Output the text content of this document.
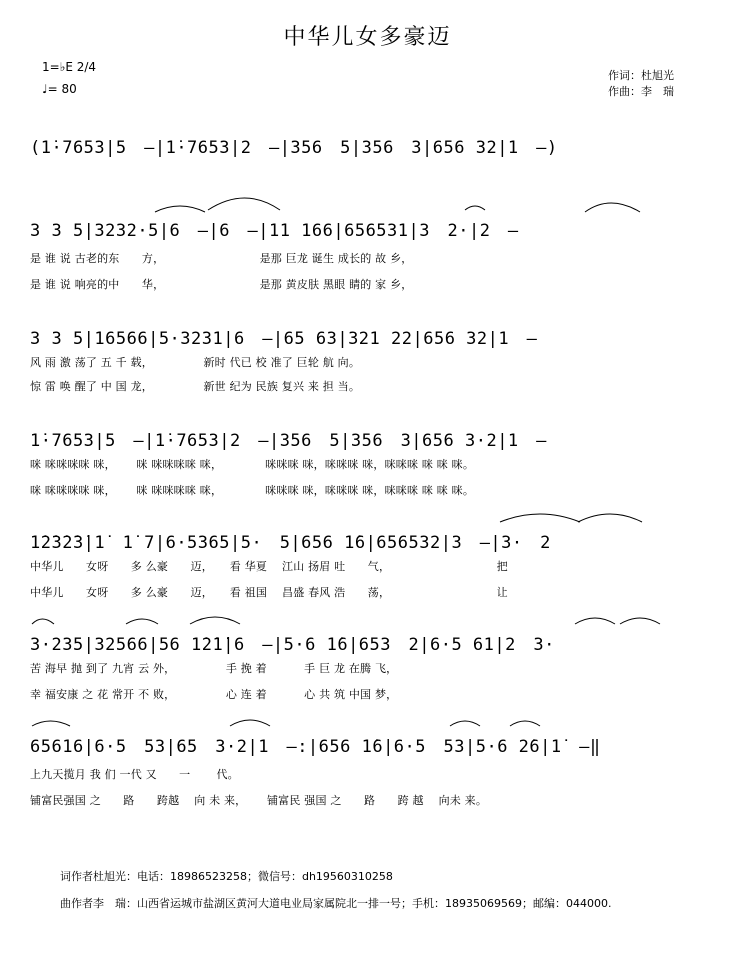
中华儿女多豪迈
1=♭E 2/4
♩= 80
作词：杜旭光
作曲：李　瑞
(1̇·7653|5　–|1̇·7653|2　–|356　5|356　3|656 32|1　–)
3 3 5|3232·5|6　–|6　–|11 166|656531|3　2·|2　–
是 谁 说 古老的东　　方，　　　　　　　　　是那 巨龙 诞生 成长的 故 乡，
是 谁 说 响亮的中　　华，　　　　　　　　　是那 黄皮肤 黑眼 睛的 家 乡，
3 3 5|16566|5·3231|6　–|65 63|321 22|656 32|1　–
风 雨 激 荡了 五 千 载，　　　　　新时 代已 校 准了 巨轮 航 向。
惊 雷 唤 醒了 中 国 龙，　　　　　新世 纪为 民族 复兴 来 担 当。
1̇·7653|5　–|1̇·7653|2　–|356　5|356　3|656 3·2|1　–
咪 咪咪咪咪 咪，　　 咪 咪咪咪咪 咪，　　　　 咪咪咪 咪，咪咪咪 咪，咪咪咪 咪 咪 咪。
咪 咪咪咪咪 咪，　　 咪 咪咪咪咪 咪，　　　　 咪咪咪 咪，咪咪咪 咪，咪咪咪 咪 咪 咪。
1̇2̇3̇2̇3̇|1̇　1̇ 7|6·5365|5·　5|656 1̇6|656532|3　–|3·　2
中华儿　　女呀　　多 么豪　　迈，　　看 华夏　 江山 扬眉 吐　　气，　　　　　　　　　　把
中华儿　　女呀　　多 么豪　　迈，　　看 祖国　 昌盛 春风 浩　　荡，　　　　　　　　　　让
3·235|32566|56 1̇2̇1̇|6　–|5·6 1̇6|653　2|6·5 61|2　3·
苦 海早 抛 到了 九宵 云 外，　　　　　手 挽 着　　　 手 巨 龙 在腾 飞，
幸 福安康 之 花 常开 不 败，　　　　　心 连 着　　　 心 共 筑 中国 梦，
65616|6·5　53|65　3·2|1　–:|656 1̇6|6·5　53|5·6 2̇6|1̇　–‖
上九天揽月 我 们 一代 又　　一　　 代。
铺富民强国 之　　路　　跨越　 向 未 来，　　 铺富民 强国 之　　路　　跨 越　 向未 来。
词作者杜旭光：电话：18986523258；微信号：dh19560310258
曲作者李　瑞：山西省运城市盐湖区黄河大道电业局家属院北一排一号；手机：18935069569；邮编：044000.
